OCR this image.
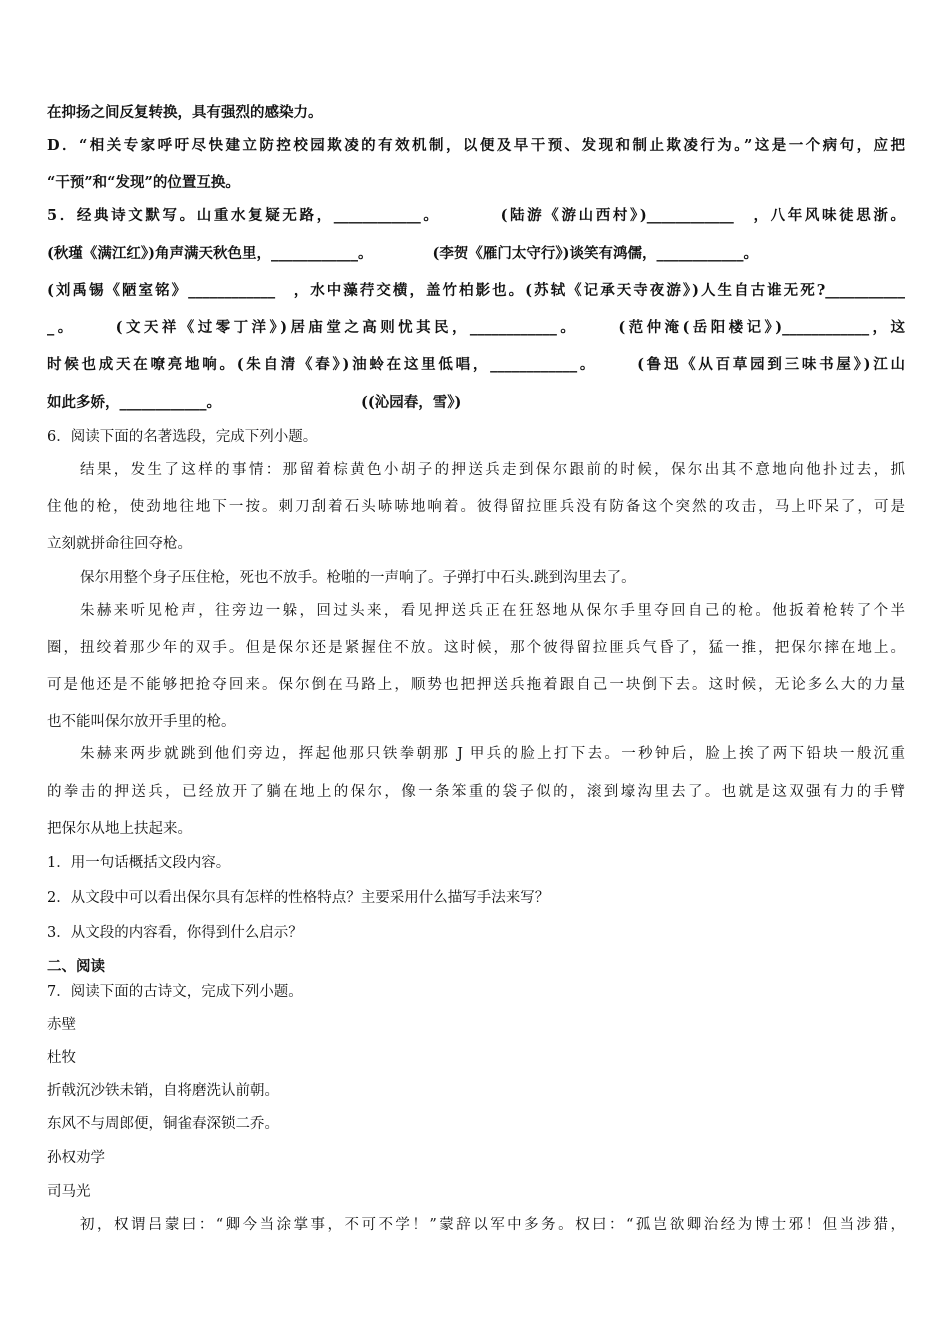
在抑扬之间反复转换，具有强烈的感染力。
D．“相关专家呼吁尽快建立防控校园欺凌的有效机制，以便及早干预、发现和制止欺凌行为。”这是一个病句，应把
“干预”和“发现”的位置互换。
5．经典诗文默写。山重水复疑无路，____________。	(陆游《游山西村》)____________　，八年风味徒思浙。
(秋瑾《满江红》)角声满天秋色里，____________。	(李贺《雁门太守行》)谈笑有鸿儒，____________。
(刘禹锡《陋室铭》____________　，水中藻荇交横，盖竹柏影也。(苏轼《记承天寺夜游》)人生自古谁无死?___________
_。	(文天祥《过零丁洋》)居庙堂之高则忧其民，____________。	(范仲淹(岳阳楼记》)____________，这
时候也成天在嘹亮地响。(朱自清《春》)油蛉在这里低唱，____________。	(鲁迅《从百草园到三味书屋》)江山
如此多娇，____________。	((沁园春，雪》)
6．阅读下面的名著选段，完成下列小题。
结果，发生了这样的事情：那留着棕黄色小胡子的押送兵走到保尔跟前的时候，保尔出其不意地向他扑过去，抓
住他的枪，使劲地往地下一按。刺刀刮着石头哧哧地响着。彼得留拉匪兵没有防备这个突然的攻击，马上吓呆了，可是
立刻就拼命往回夺枪。
保尔用整个身子压住枪，死也不放手。枪啪的一声响了。子弹打中石头.跳到沟里去了。
朱赫来听见枪声，往旁边一躲，回过头来，看见押送兵正在狂怒地从保尔手里夺回自己的枪。他扳着枪转了个半
圈，扭绞着那少年的双手。但是保尔还是紧握住不放。这时候，那个彼得留拉匪兵气昏了，猛一推，把保尔摔在地上。
可是他还是不能够把抢夺回来。保尔倒在马路上，顺势也把押送兵拖着跟自己一块倒下去。这时候，无论多么大的力量
也不能叫保尔放开手里的枪。
朱赫来两步就跳到他们旁边，挥起他那只铁拳朝那 J 甲兵的脸上打下去。一秒钟后，脸上挨了两下铅块一般沉重
的拳击的押送兵，已经放开了躺在地上的保尔，像一条笨重的袋子似的，滚到壕沟里去了。也就是这双强有力的手臂
把保尔从地上扶起来。
1．用一句话概括文段内容。
2．从文段中可以看出保尔具有怎样的性格特点？主要采用什么描写手法来写？
3．从文段的内容看，你得到什么启示？
二、阅读
7．阅读下面的古诗文，完成下列小题。
赤壁
杜牧
折戟沉沙铁未销，自将磨洗认前朝。
东风不与周郎便，铜雀春深锁二乔。
孙权劝学
司马光
初，权谓吕蒙曰：“卿今当涂掌事，不可不学！”蒙辞以军中多务。权曰：“孤岂欲卿治经为博士邪！但当涉猎，
